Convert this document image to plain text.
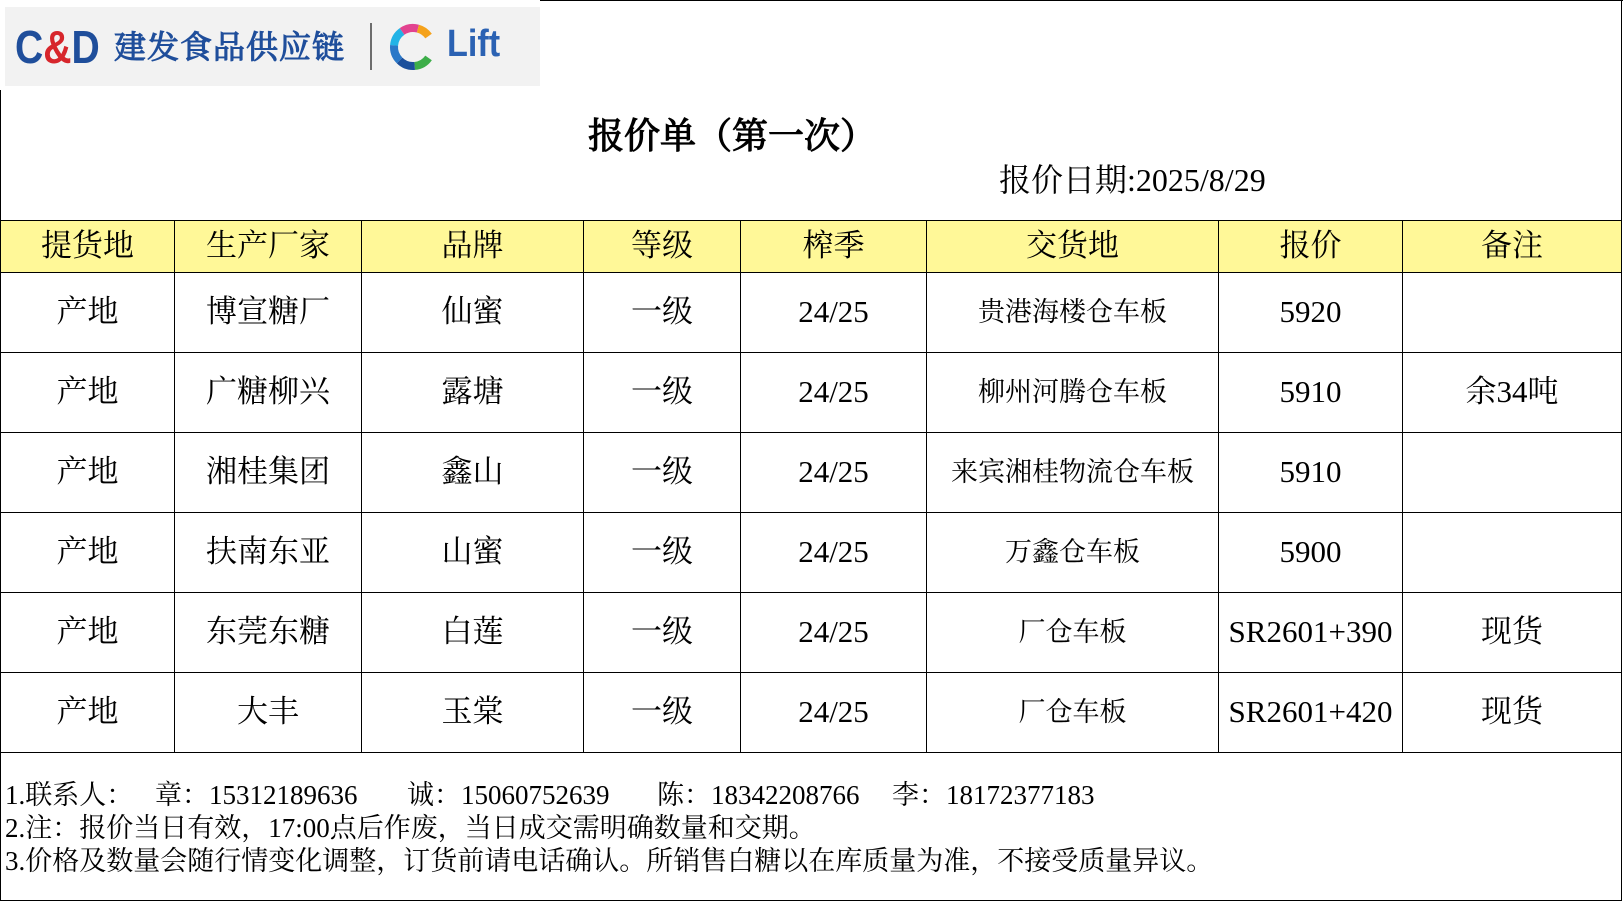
C&D 建发食品供应链	Lift
报价单（第一次）
报价日期:2025/8/29
提货地	生产厂家	品牌	等级	榨季	交货地	报价	备注
产地	博宣糖厂	仙蜜	一级	24/25	贵港海楼仓车板	5920	
产地	广糖柳兴	露塘	一级	24/25	柳州河腾仓车板	5910	余34吨
产地	湘桂集团	鑫山	一级	24/25	来宾湘桂物流仓车板	5910	
产地	扶南东亚	山蜜	一级	24/25	万鑫仓车板	5900	
产地	东莞东糖	白莲	一级	24/25	厂仓车板	SR2601+390	现货
产地	大丰	玉棠	一级	24/25	厂仓车板	SR2601+420	现货
1.联系人： 章：15312189636 诚：15060752639 陈：18342208766 李：18172377183
2.注：报价当日有效，17:00点后作废，当日成交需明确数量和交期。
3.价格及数量会随行情变化调整，订货前请电话确认。所销售白糖以在库质量为准，不接受质量异议。
